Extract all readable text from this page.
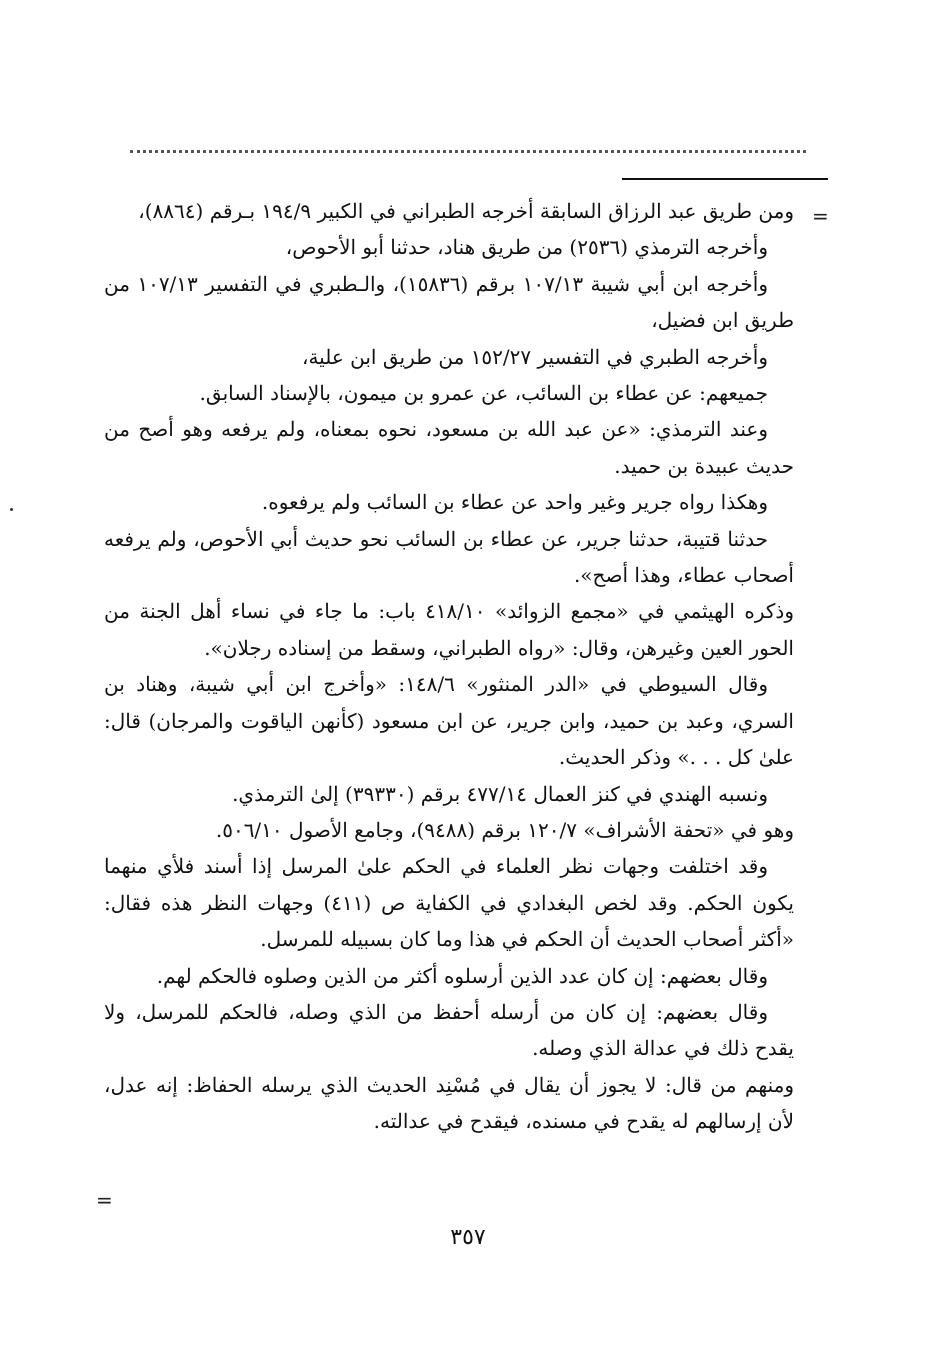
=
=

ومن طريق عبد الرزاق السابقة أخرجه الطبراني في الكبير ١٩٤/٩ بـرقم (٨٨٦٤)،

وأخرجه الترمذي (٢٥٣٦) من طريق هناد، حدثنا أبو الأحوص،

وأخرجه ابن أبي شيبة ١٠٧/١٣ برقم (١٥٨٣٦)، والـطبري في التفسير ١٠٧/١٣ من طريق ابن فضيل،

وأخرجه الطبري في التفسير ١٥٢/٢٧ من طريق ابن علية،

جميعهم: عن عطاء بن السائب، عن عمرو بن ميمون، بالإسناد السابق.

وعند الترمذي: «عن عبد الله بن مسعود، نحوه بمعناه، ولم يرفعه وهو أصح من حديث عبيدة بن حميد.

وهكذا رواه جرير وغير واحد عن عطاء بن السائب ولم يرفعوه.

حدثنا قتيبة، حدثنا جرير، عن عطاء بن السائب نحو حديث أبي الأحوص، ولم يرفعه أصحاب عطاء، وهذا أصح».

وذكره الهيثمي في «مجمع الزوائد» ٤١٨/١٠ باب: ما جاء في نساء أهل الجنة من الحور العين وغيرهن، وقال: «رواه الطبراني، وسقط من إسناده رجلان».

وقال السيوطي في «الدر المنثور» ١٤٨/٦: «وأخرج ابن أبي شيبة، وهناد بن السري، وعبد بن حميد، وابن جرير، عن ابن مسعود (كأنهن الياقوت والمرجان) قال: علىٰ كل . . .» وذكر الحديث.

ونسبه الهندي في كنز العمال ٤٧٧/١٤ برقم (٣٩٣٣٠) إلىٰ الترمذي.

وهو في «تحفة الأشراف» ١٢٠/٧ برقم (٩٤٨٨)، وجامع الأصول ٥٠٦/١٠.

وقد اختلفت وجهات نظر العلماء في الحكم علىٰ المرسل إذا أسند فلأي منهما يكون الحكم. وقد لخص البغدادي في الكفاية ص (٤١١) وجهات النظر هذه فقال: «أكثر أصحاب الحديث أن الحكم في هذا وما كان بسبيله للمرسل.

وقال بعضهم: إن كان عدد الذين أرسلوه أكثر من الذين وصلوه فالحكم لهم.

وقال بعضهم: إن كان من أرسله أحفظ من الذي وصله، فالحكم للمرسل، ولا يقدح ذلك في عدالة الذي وصله.

ومنهم من قال: لا يجوز أن يقال في مُسْنِد الحديث الذي يرسله الحفاظ: إنه عدل، لأن إرسالهم له يقدح في مسنده، فيقدح في عدالته.

٣٥٧
